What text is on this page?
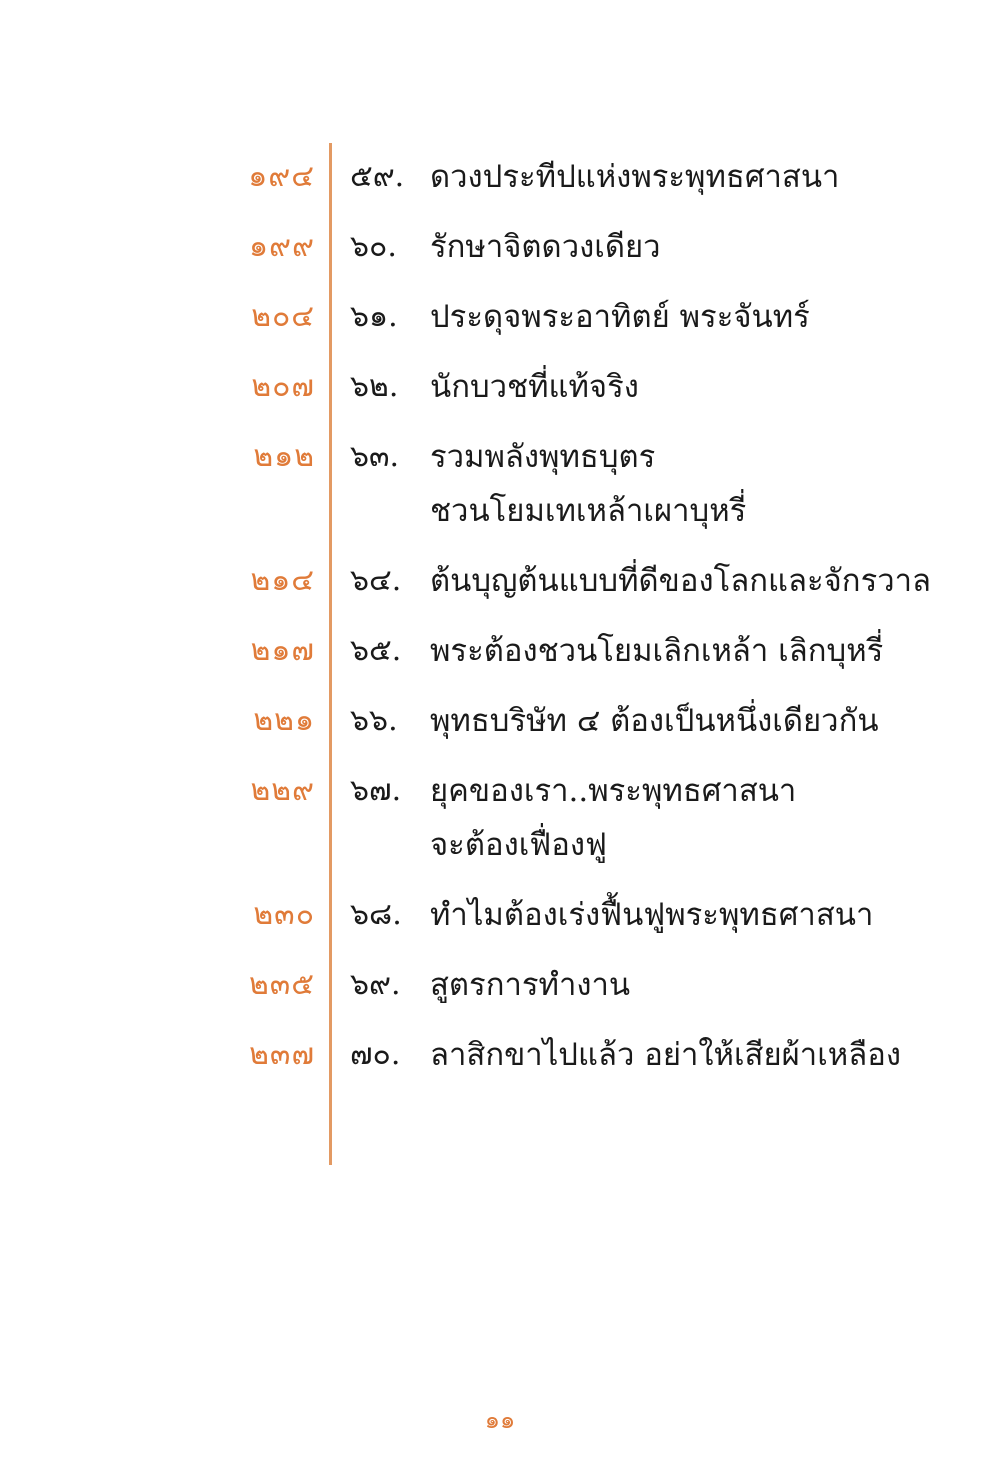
๑๙๔ ๕๙. ดวงประทีปแห่งพระพุทธศาสนา
๑๙๙ ๖๐. รักษาจิตดวงเดียว
๒๐๔ ๖๑. ประดุจพระอาทิตย์ พระจันทร์
๒๐๗ ๖๒. นักบวชที่แท้จริง
๒๑๒ ๖๓. รวมพลังพุทธบุตร
ชวนโยมเทเหล้าเผาบุหรี่
๒๑๔ ๖๔. ต้นบุญต้นแบบที่ดีของโลกและจักรวาล
๒๑๗ ๖๕. พระต้องชวนโยมเลิกเหล้า เลิกบุหรี่
๒๒๑ ๖๖. พุทธบริษัท ๔ ต้องเป็นหนึ่งเดียวกัน
๒๒๙ ๖๗. ยุคของเรา..พระพุทธศาสนา
จะต้องเฟื่องฟู
๒๓๐ ๖๘. ทำไมต้องเร่งฟื้นฟูพระพุทธศาสนา
๒๓๕ ๖๙. สูตรการทำงาน
๒๓๗ ๗๐. ลาสิกขาไปแล้ว อย่าให้เสียผ้าเหลือง
๑๑
